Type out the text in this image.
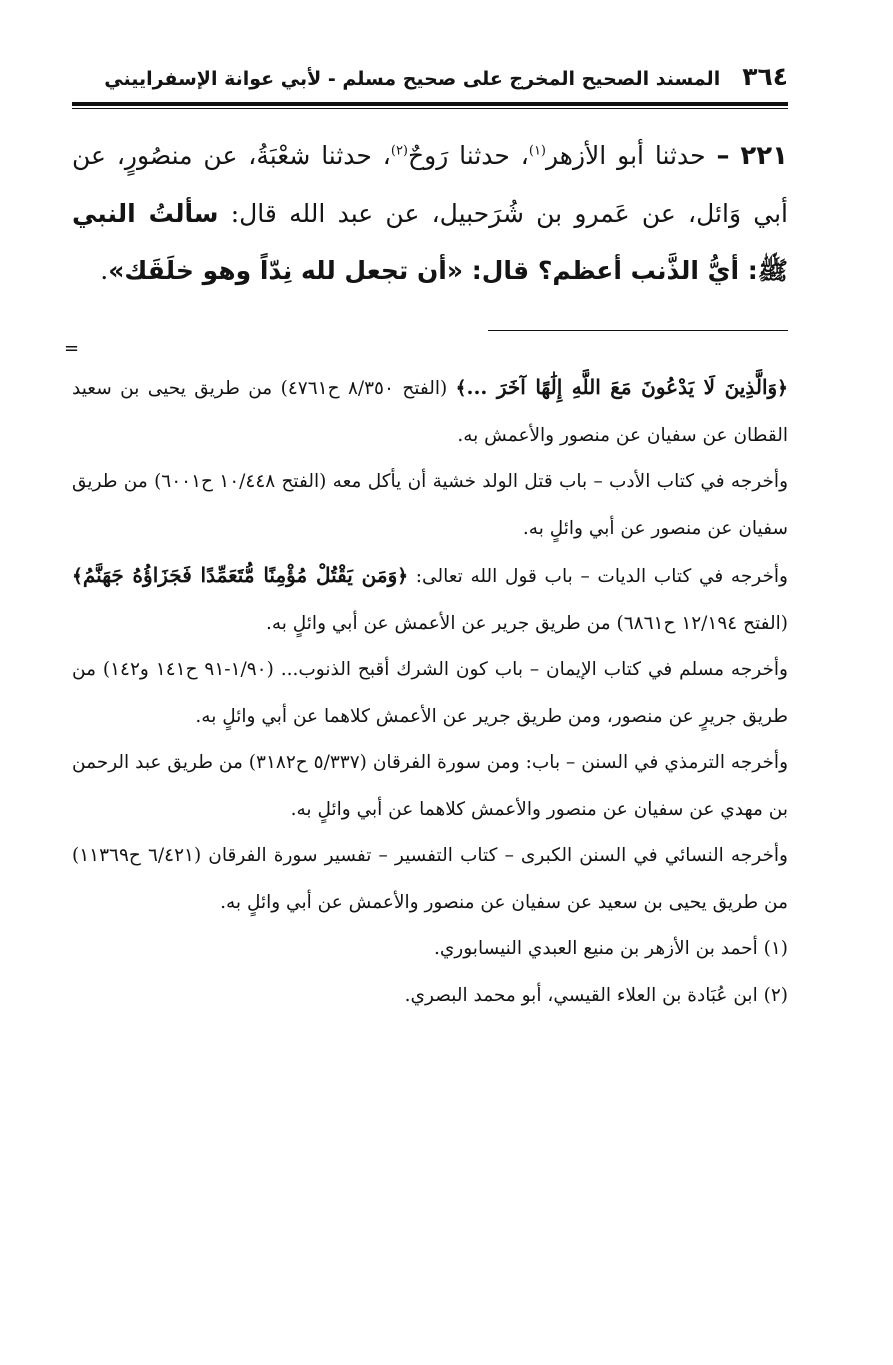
٣٦٤
المسند الصحيح المخرج على صحيح مسلم - لأبي عوانة الإسفراييني

٢٢١ – حدثنا أبو الأزهر$^{(١)}$، حدثنا رَوحٌ$^{(٢)}$، حدثنا شعْبَةُ، عن منصُورٍ، عن أبي وَائل، عن عَمرو بن شُرَحبيل، عن عبد الله قال: سألتُ النبي ﷺ: أيُّ الذَّنب أعظم؟ قال: «أن تجعل لله نِدّاً وهو خلَقَك».

=

﴿وَالَّذِينَ لَا يَدْعُونَ مَعَ اللَّهِ إِلَٰهًا آخَرَ ...﴾ (الفتح ٨/٣٥٠ ح٤٧٦١) من طريق يحيى بن سعيد القطان عن سفيان عن منصور والأعمش به.

وأخرجه في كتاب الأدب – باب قتل الولد خشية أن يأكل معه (الفتح ١٠/٤٤٨ ح٦٠٠١) من طريق سفيان عن منصور عن أبي وائلٍ به.

وأخرجه في كتاب الديات – باب قول الله تعالى: ﴿وَمَن يَقْتُلْ مُؤْمِنًا مُّتَعَمِّدًا فَجَزَاؤُهُ جَهَنَّمُ﴾ (الفتح ١٢/١٩٤ ح٦٨٦١) من طريق جرير عن الأعمش عن أبي وائلٍ به.

وأخرجه مسلم في كتاب الإيمان – باب كون الشرك أقبح الذنوب... (١/٩٠-٩١ ح١٤١ و١٤٢) من طريق جريرٍ عن منصور، ومن طريق جرير عن الأعمش كلاهما عن أبي وائلٍ به.

وأخرجه الترمذي في السنن – باب: ومن سورة الفرقان (٥/٣٣٧ ح٣١٨٢) من طريق عبد الرحمن بن مهدي عن سفيان عن منصور والأعمش كلاهما عن أبي وائلٍ به.

وأخرجه النسائي في السنن الكبرى – كتاب التفسير – تفسير سورة الفرقان (٦/٤٢١ ح١١٣٦٩) من طريق يحيى بن سعيد عن سفيان عن منصور والأعمش عن أبي وائلٍ به.

(١) أحمد بن الأزهر بن منيع العبدي النيسابوري.

(٢) ابن عُبَادة بن العلاء القيسي، أبو محمد البصري.
